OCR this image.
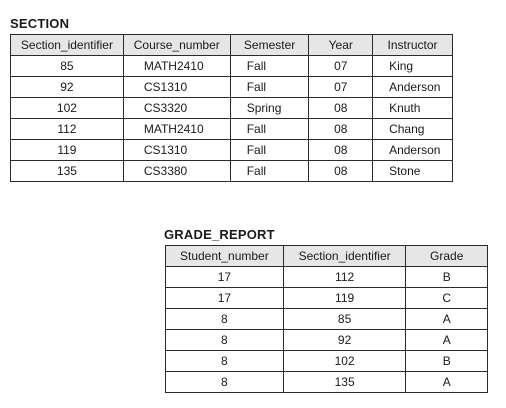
SECTION
Section_identifier	Course_number	Semester	Year	Instructor
85	MATH2410	Fall	07	King
92	CS1310	Fall	07	Anderson
102	CS3320	Spring	08	Knuth
112	MATH2410	Fall	08	Chang
119	CS1310	Fall	08	Anderson
135	CS3380	Fall	08	Stone
GRADE_REPORT
Student_number	Section_identifier	Grade
17	112	B
17	119	C
8	85	A
8	92	A
8	102	B
8	135	A
